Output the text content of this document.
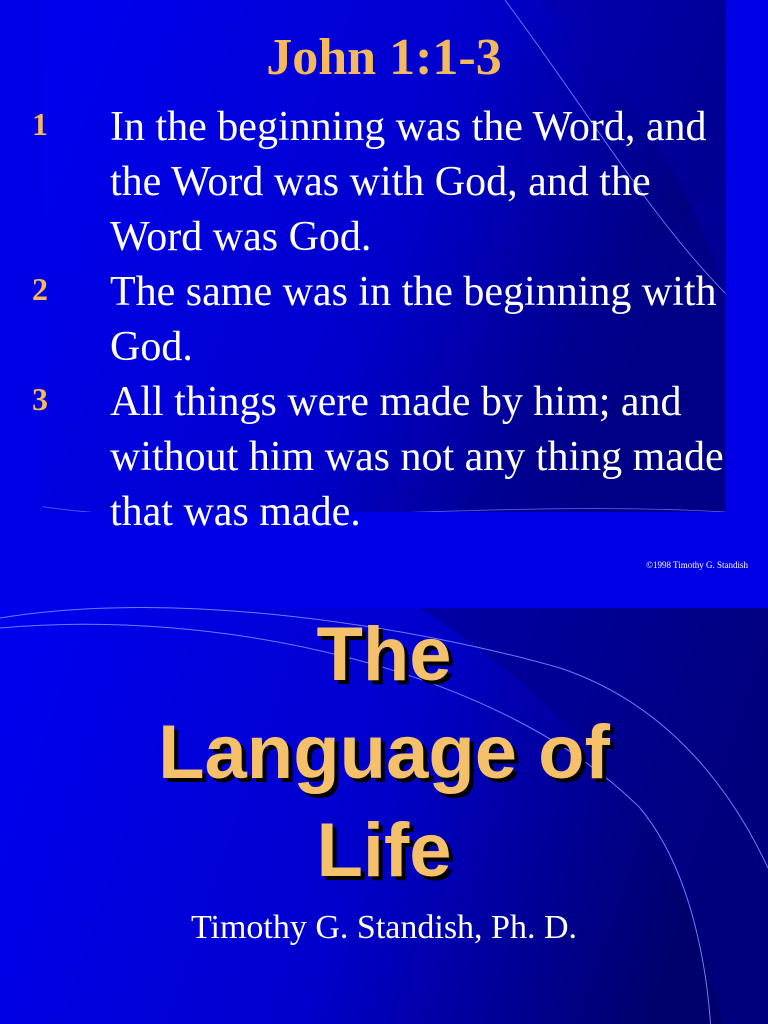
John 1:1-3
1 In the beginning was the Word, and the Word was with God, and the Word was God.
2 The same was in the beginning with God.
3 All things were made by him; and without him was not any thing made that was made.
©1998 Timothy G. Standish
The
Language of
Life
Timothy G. Standish, Ph. D.
